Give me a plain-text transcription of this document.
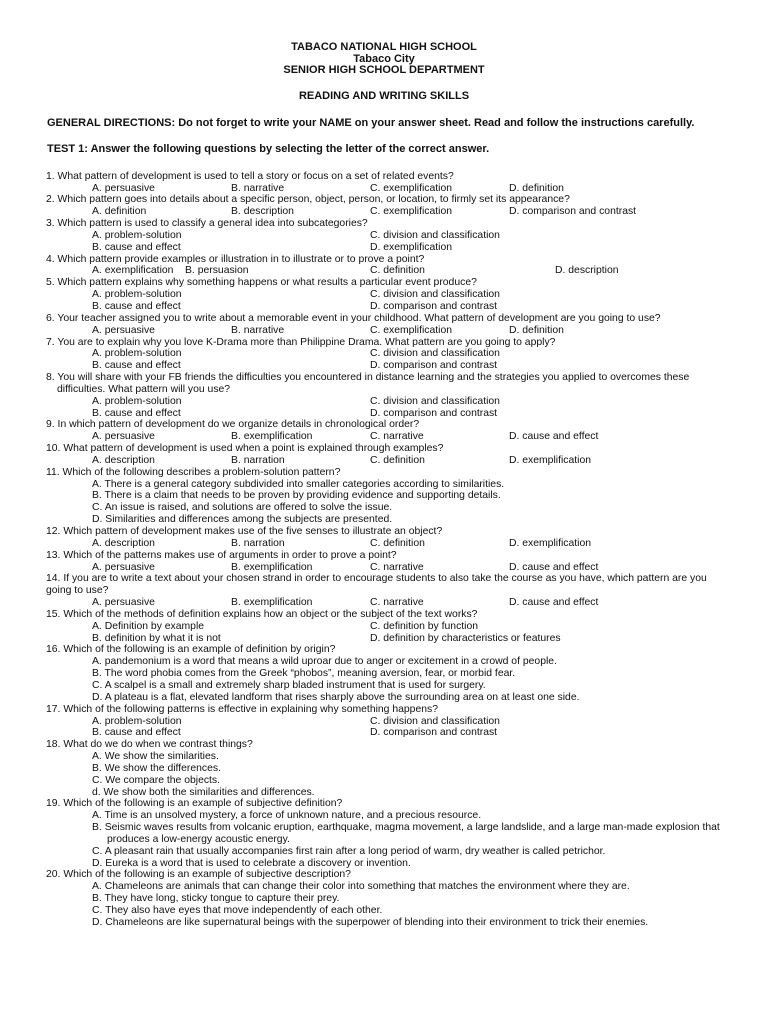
TABACO NATIONAL HIGH SCHOOL
Tabaco City
SENIOR HIGH SCHOOL DEPARTMENT
READING AND WRITING SKILLS
GENERAL DIRECTIONS: Do not forget to write your NAME on your answer sheet. Read and follow the instructions carefully.
TEST 1: Answer the following questions by selecting the letter of the correct answer.
1. What pattern of development is used to tell a story or focus on a set of related events?
A. persuasive	B. narrative	C. exemplification	D. definition
2. Which pattern goes into details about a specific person, object, person, or location, to firmly set its appearance?
A. definition	B. description	C. exemplification	D. comparison and contrast
3. Which pattern is used to classify a general idea into subcategories?
A. problem-solution	C. division and classification
B. cause and effect	D. exemplification
4. Which pattern provide examples or illustration in to illustrate or to prove a point?
A. exemplification B. persuasion	C. definition	D. description
5. Which pattern explains why something happens or what results a particular event produce?
A. problem-solution	C. division and classification
B. cause and effect	D. comparison and contrast
6. Your teacher assigned you to write about a memorable event in your childhood. What pattern of development are you going to use?
A. persuasive	B. narrative	C. exemplification	D. definition
7. You are to explain why you love K-Drama more than Philippine Drama. What pattern are you going to apply?
A. problem-solution	C. division and classification
B. cause and effect	D. comparison and contrast
8. You will share with your FB friends the difficulties you encountered in distance learning and the strategies you applied to overcomes these
difficulties. What pattern will you use?
A. problem-solution	C. division and classification
B. cause and effect	D. comparison and contrast
9. In which pattern of development do we organize details in chronological order?
A. persuasive	B. exemplification	C. narrative	D. cause and effect
10. What pattern of development is used when a point is explained through examples?
A. description	B. narration	C. definition	D. exemplification
11. Which of the following describes a problem-solution pattern?
A. There is a general category subdivided into smaller categories according to similarities.
B. There is a claim that needs to be proven by providing evidence and supporting details.
C. An issue is raised, and solutions are offered to solve the issue.
D. Similarities and differences among the subjects are presented.
12. Which pattern of development makes use of the five senses to illustrate an object?
A. description	B. narration	C. definition	D. exemplification
13. Which of the patterns makes use of arguments in order to prove a point?
A. persuasive	B. exemplification	C. narrative	D. cause and effect
14. If you are to write a text about your chosen strand in order to encourage students to also take the course as you have, which pattern are you
going to use?
A. persuasive	B. exemplification	C. narrative	D. cause and effect
15. Which of the methods of definition explains how an object or the subject of the text works?
A. Definition by example	C. definition by function
B. definition by what it is not	D. definition by characteristics or features
16. Which of the following is an example of definition by origin?
A. pandemonium is a word that means a wild uproar due to anger or excitement in a crowd of people.
B. The word phobia comes from the Greek “phobos”, meaning aversion, fear, or morbid fear.
C. A scalpel is a small and extremely sharp bladed instrument that is used for surgery.
D. A plateau is a flat, elevated landform that rises sharply above the surrounding area on at least one side.
17. Which of the following patterns is effective in explaining why something happens?
A. problem-solution	C. division and classification
B. cause and effect	D. comparison and contrast
18. What do we do when we contrast things?
A. We show the similarities.
B. We show the differences.
C. We compare the objects.
d. We show both the similarities and differences.
19. Which of the following is an example of subjective definition?
A. Time is an unsolved mystery, a force of unknown nature, and a precious resource.
B. Seismic waves results from volcanic eruption, earthquake, magma movement, a large landslide, and a large man-made explosion that produces a low-energy acoustic energy.
C. A pleasant rain that usually accompanies first rain after a long period of warm, dry weather is called petrichor.
D. Eureka is a word that is used to celebrate a discovery or invention.
20. Which of the following is an example of subjective description?
A. Chameleons are animals that can change their color into something that matches the environment where they are.
B. They have long, sticky tongue to capture their prey.
C. They also have eyes that move independently of each other.
D. Chameleons are like supernatural beings with the superpower of blending into their environment to trick their enemies.
